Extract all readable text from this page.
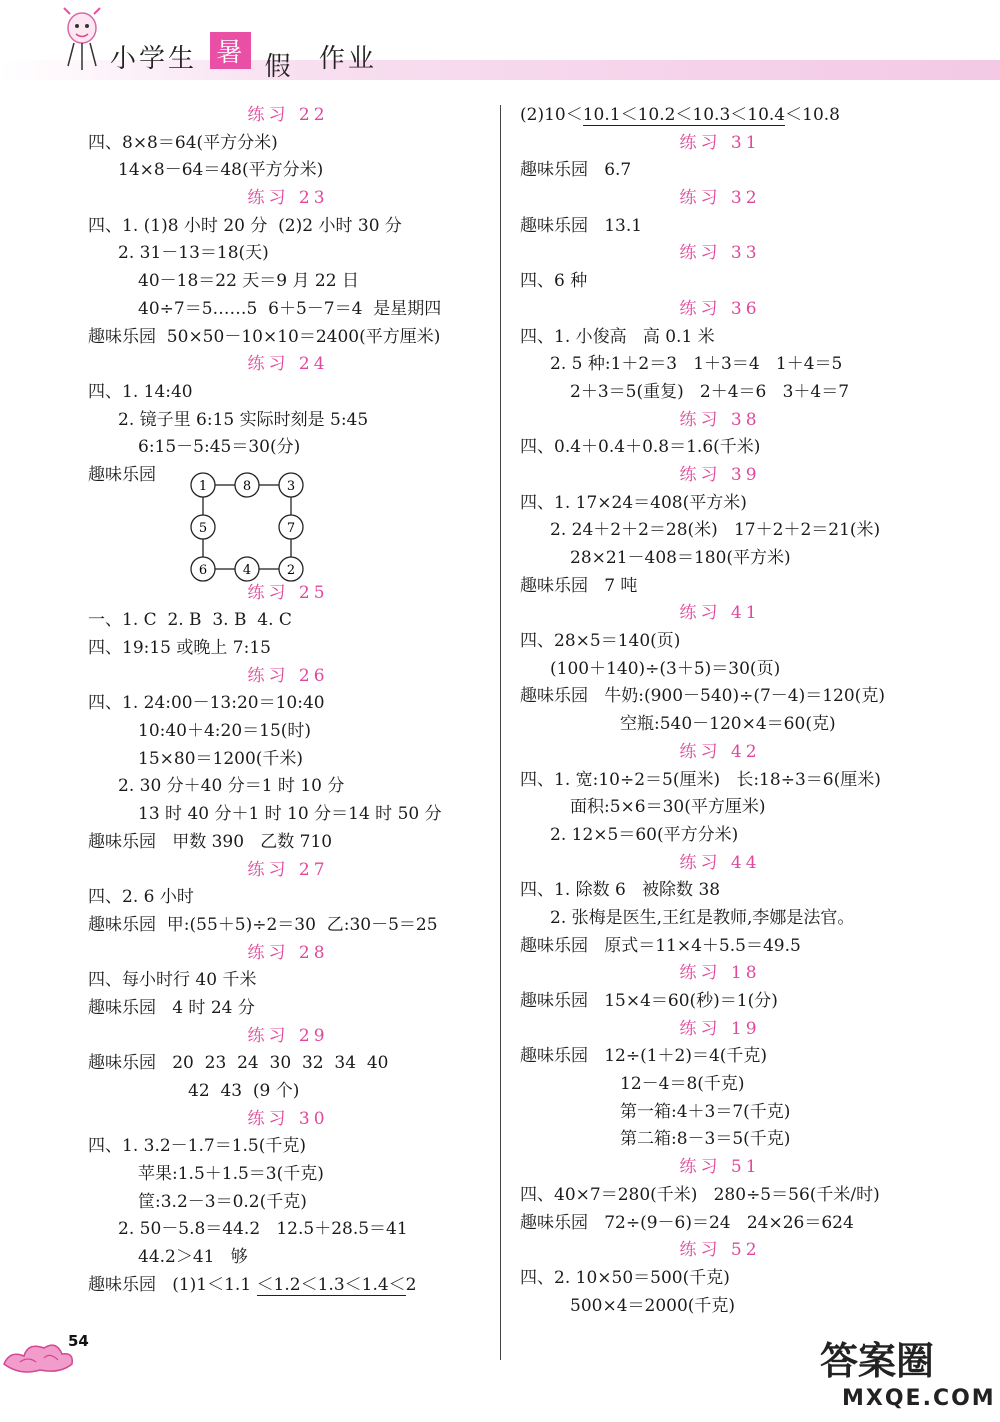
小学生 暑 假 作业
练习 22
四、8×8＝64(平方分米)
14×8－64＝48(平方分米)
练习 23
四、1. (1)8 小时 20 分  (2)2 小时 30 分
2. 31－13＝18(天)
40－18＝22 天＝9 月 22 日
40÷7＝5……5  6＋5－7＝4  是星期四
趣味乐园  50×50－10×10＝2400(平方厘米)
练习 24
四、1. 14:40
2. 镜子里 6:15 实际时刻是 5:45
6:15－5:45＝30(分)
趣味乐园
1	8	3
5	7
6	4	2
练习 25
一、1. C  2. B  3. B  4. C
四、19:15 或晚上 7:15
练习 26
四、1. 24:00－13:20＝10:40
10:40＋4:20＝15(时)
15×80＝1200(千米)
2. 30 分＋40 分＝1 时 10 分
13 时 40 分＋1 时 10 分＝14 时 50 分
趣味乐园   甲数 390   乙数 710
练习 27
四、2. 6 小时
趣味乐园  甲:(55＋5)÷2＝30  乙:30－5＝25
练习 28
四、每小时行 40 千米
趣味乐园   4 时 24 分
练习 29
趣味乐园   20  23  24  30  32  34  40
42  43  (9 个)
练习 30
四、1. 3.2－1.7＝1.5(千克)
苹果:1.5＋1.5＝3(千克)
筐:3.2－3＝0.2(千克)
2. 50－5.8＝44.2   12.5＋28.5＝41
44.2＞41   够
趣味乐园   (1)1＜1.1 ＜1.2＜1.3＜1.4＜2
(2)10＜10.1＜10.2＜10.3＜10.4＜10.8
练习 31
趣味乐园   6.7
练习 32
趣味乐园   13.1
练习 33
四、6 种
练习 36
四、1. 小俊高   高 0.1 米
2. 5 种:1＋2＝3   1＋3＝4   1＋4＝5
2＋3＝5(重复)   2＋4＝6   3＋4＝7
练习 38
四、0.4＋0.4＋0.8＝1.6(千米)
练习 39
四、1. 17×24＝408(平方米)
2. 24＋2＋2＝28(米)   17＋2＋2＝21(米)
28×21－408＝180(平方米)
趣味乐园   7 吨
练习 41
四、28×5＝140(页)
(100＋140)÷(3＋5)＝30(页)
趣味乐园   牛奶:(900－540)÷(7－4)＝120(克)
空瓶:540－120×4＝60(克)
练习 42
四、1. 宽:10÷2＝5(厘米)   长:18÷3＝6(厘米)
面积:5×6＝30(平方厘米)
2. 12×5＝60(平方分米)
练习 44
四、1. 除数 6   被除数 38
2. 张梅是医生,王红是教师,李娜是法官。
趣味乐园   原式＝11×4＋5.5＝49.5
练习 18
趣味乐园   15×4＝60(秒)＝1(分)
练习 19
趣味乐园   12÷(1＋2)＝4(千克)
12－4＝8(千克)
第一箱:4＋3＝7(千克)
第二箱:8－3＝5(千克)
练习 51
四、40×7＝280(千米)   280÷5＝56(千米/时)
趣味乐园   72÷(9－6)＝24   24×26＝624
练习 52
四、2. 10×50＝500(千克)
500×4＝2000(千克)
54	答案圈
MXQE.COM
